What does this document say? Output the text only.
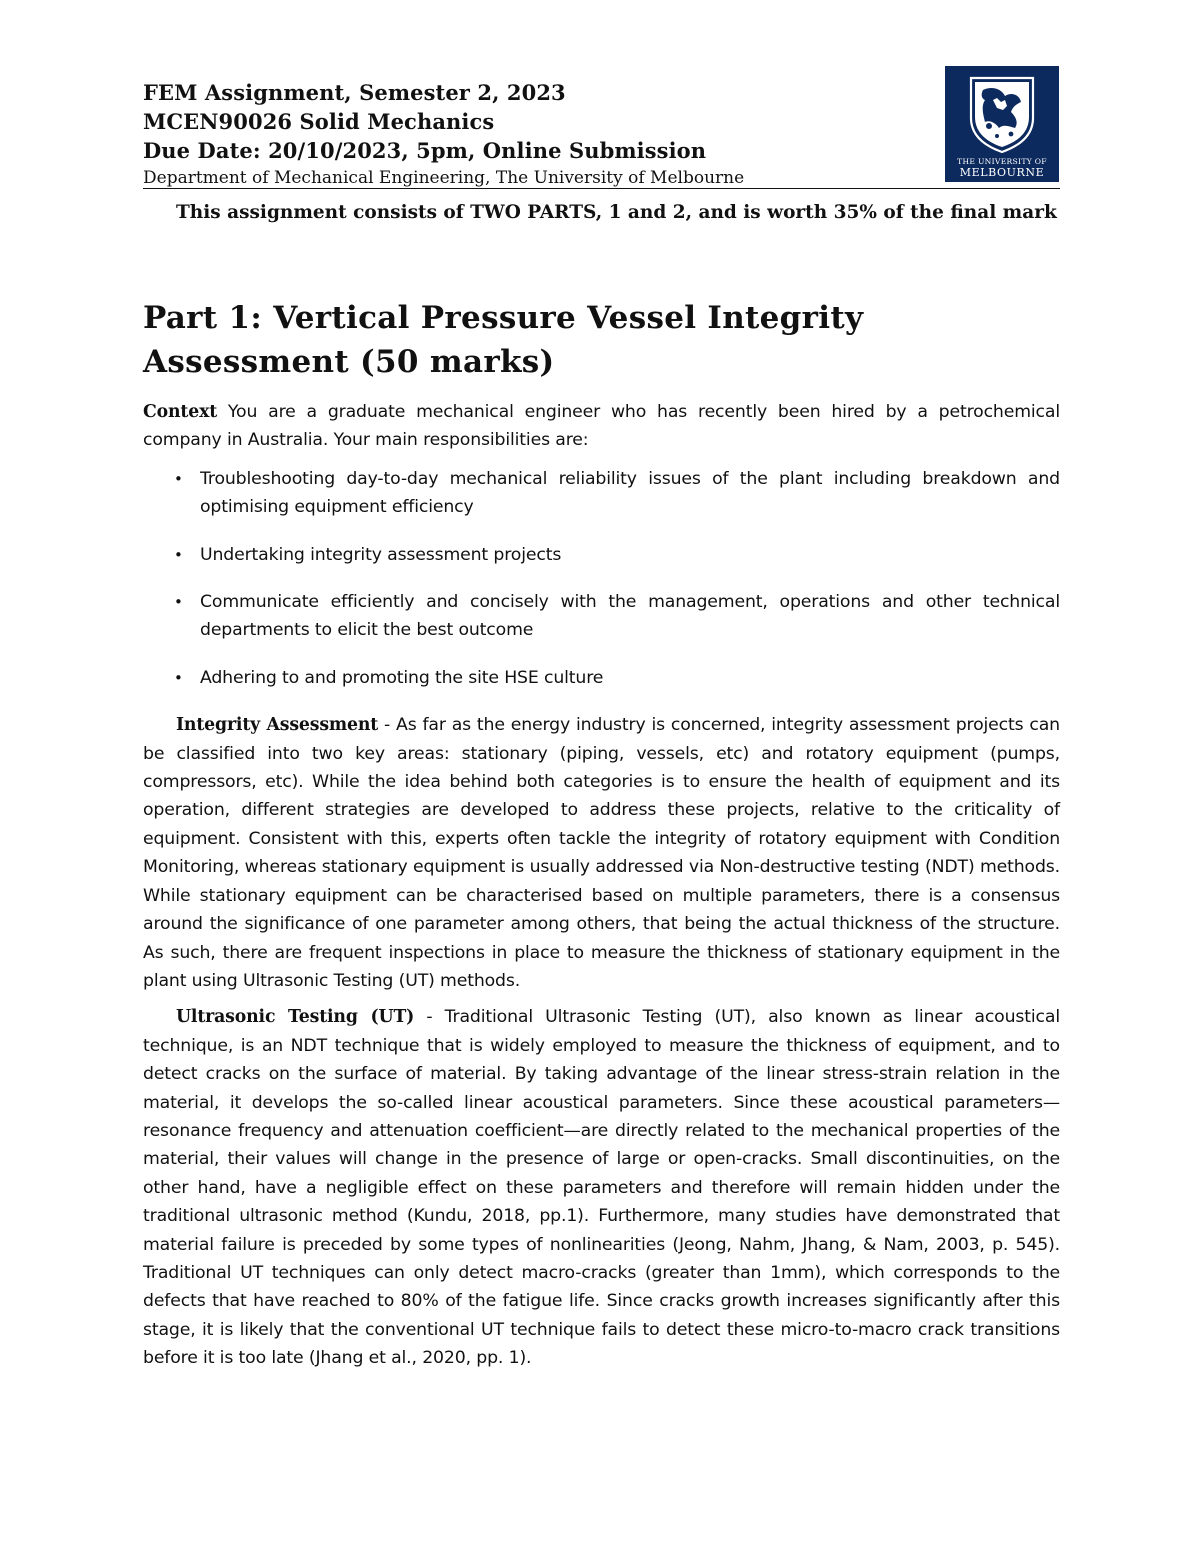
FEM Assignment, Semester 2, 2023

MCEN90026 Solid Mechanics

Due Date: 20/10/2023, 5pm, Online Submission

Department of Mechanical Engineering, The University of Melbourne

THE UNIVERSITY OF
MELBOURNE

This assignment consists of TWO PARTS, 1 and 2, and is worth 35% of the final mark

Part 1: Vertical Pressure Vessel Integrity Assessment (50 marks)

Context You are a graduate mechanical engineer who has recently been hired by a petrochemical company in Australia. Your main responsibilities are:

• Troubleshooting day-to-day mechanical reliability issues of the plant including breakdown and optimising equipment efficiency
• Undertaking integrity assessment projects
• Communicate efficiently and concisely with the management, operations and other technical departments to elicit the best outcome
• Adhering to and promoting the site HSE culture

Integrity Assessment - As far as the energy industry is concerned, integrity assessment projects can be classified into two key areas: stationary (piping, vessels, etc) and rotatory equipment (pumps, compressors, etc). While the idea behind both categories is to ensure the health of equipment and its operation, different strategies are developed to address these projects, relative to the criticality of equipment. Consistent with this, experts often tackle the integrity of rotatory equipment with Condition Monitoring, whereas stationary equipment is usually addressed via Non-destructive testing (NDT) methods. While stationary equipment can be characterised based on multiple parameters, there is a consensus around the significance of one parameter among others, that being the actual thickness of the structure. As such, there are frequent inspections in place to measure the thickness of stationary equipment in the plant using Ultrasonic Testing (UT) methods.

Ultrasonic Testing (UT) - Traditional Ultrasonic Testing (UT), also known as linear acoustical technique, is an NDT technique that is widely employed to measure the thickness of equipment, and to detect cracks on the surface of material. By taking advantage of the linear stress-strain relation in the material, it develops the so-called linear acoustical parameters. Since these acoustical parameters—resonance frequency and attenuation coefficient—are directly related to the mechanical properties of the material, their values will change in the presence of large or open-cracks. Small discontinuities, on the other hand, have a negligible effect on these parameters and therefore will remain hidden under the traditional ultrasonic method (Kundu, 2018, pp.1). Furthermore, many studies have demonstrated that material failure is preceded by some types of nonlinearities (Jeong, Nahm, Jhang, & Nam, 2003, p. 545). Traditional UT techniques can only detect macro-cracks (greater than 1mm), which corresponds to the defects that have reached to 80% of the fatigue life. Since cracks growth increases significantly after this stage, it is likely that the conventional UT technique fails to detect these micro-to-macro crack transitions before it is too late (Jhang et al., 2020, pp. 1).
